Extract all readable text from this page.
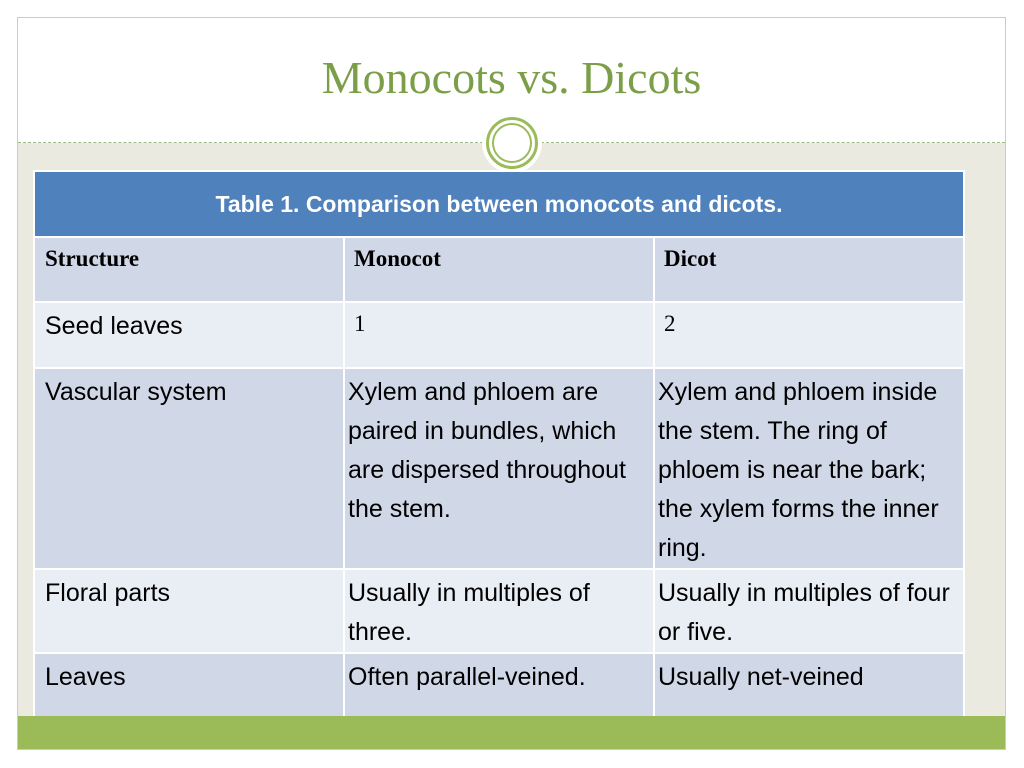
Monocots vs. Dicots
Table 1. Comparison between monocots and dicots.		
Structure	Monocot	Dicot
Seed leaves	1	2
Vascular system	Xylem and phloem are paired in bundles, which are dispersed throughout the stem.	Xylem and phloem inside the stem. The ring of phloem is near the bark; the xylem forms the inner ring.
Floral parts	Usually in multiples of three.	Usually in multiples of four or five.
Leaves	Often parallel-veined.	Usually net-veined
